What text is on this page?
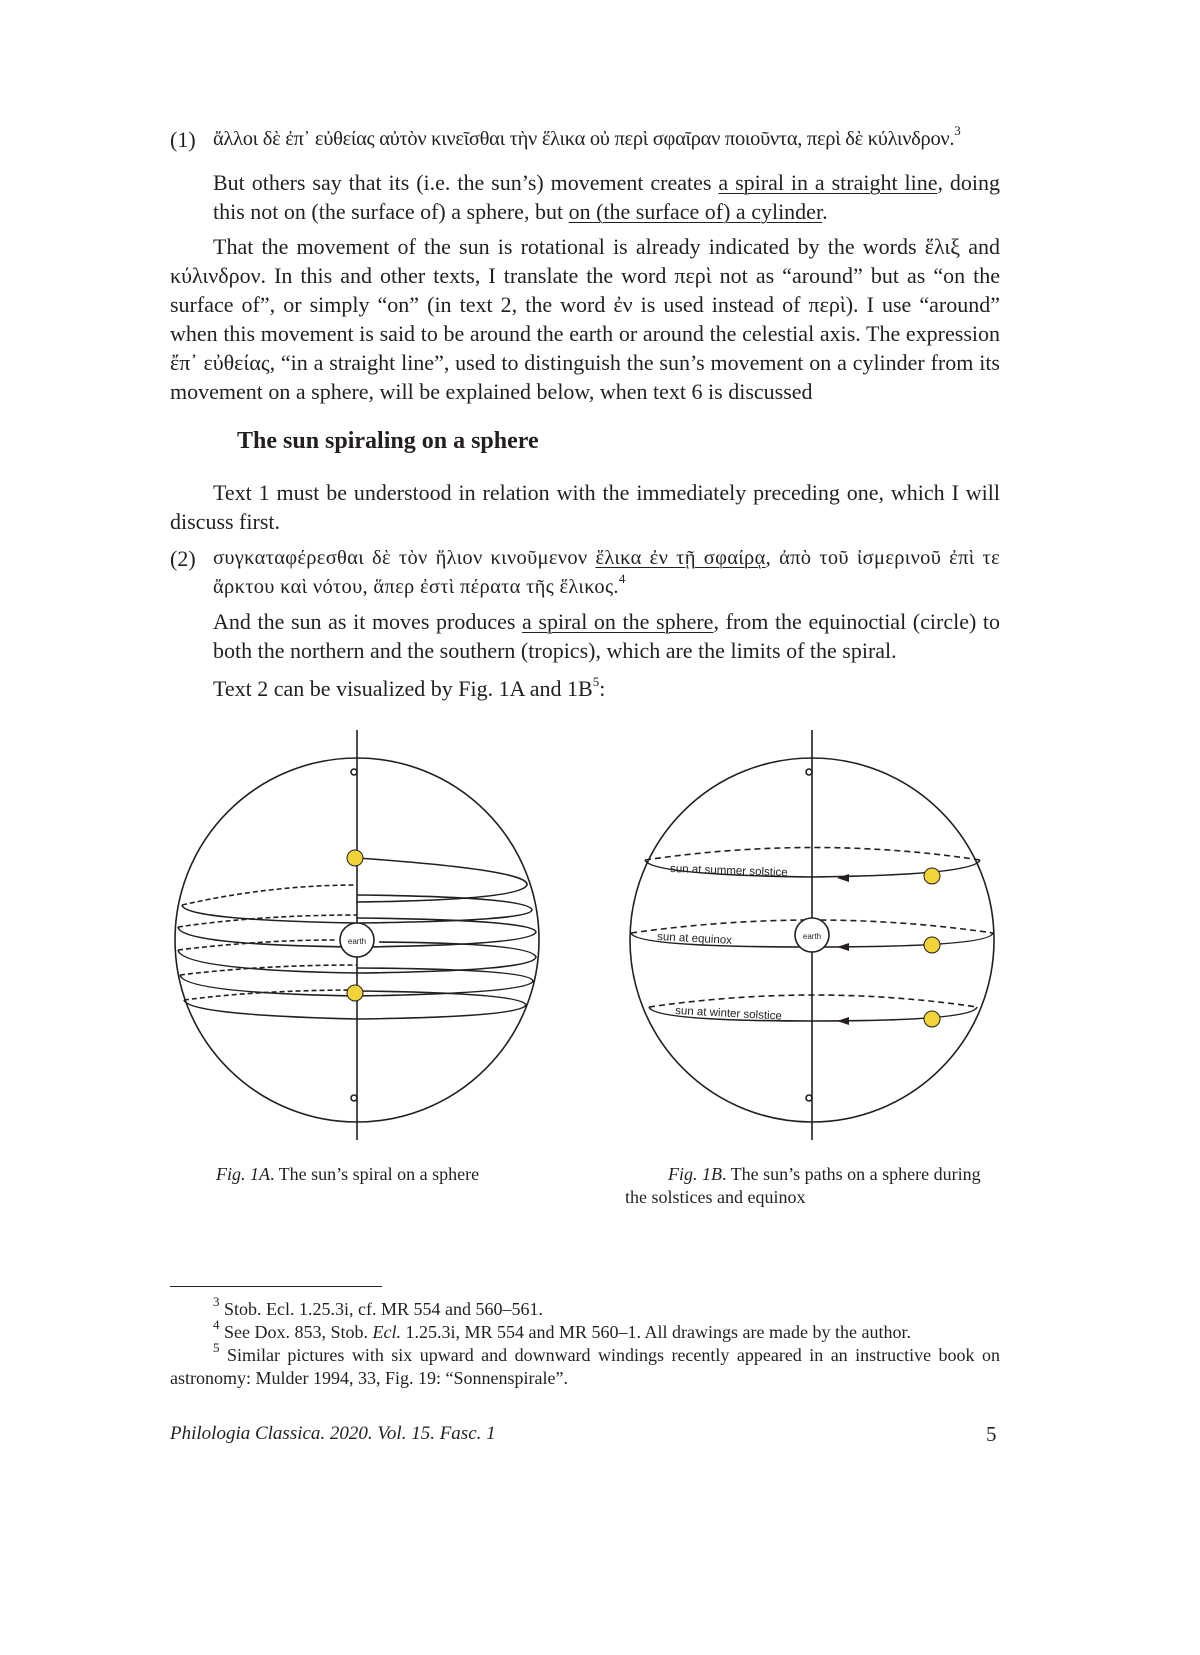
(1) ἄλλοι δὲ ἐπ᾽ εὐθείας αὐτὸν κινεῖσθαι τὴν ἕλικα οὐ περὶ σφαῖραν ποιοῦντα, περὶ δὲ κύλινδρον.$^3$
But others say that its (i.e. the sun’s) movement creates a spiral in a straight line, doing this not on (the surface of) a sphere, but on (the surface of) a cylinder.
That the movement of the sun is rotational is already indicated by the words ἕλιξ and κύλινδρον. In this and other texts, I translate the word περὶ not as “around” but as “on the surface of”, or simply “on” (in text 2, the word ἐν is used instead of περὶ). I use “around” when this movement is said to be around the earth or around the celestial axis. The expression ἔπ᾽ εὐθείας, “in a straight line”, used to distinguish the sun’s movement on a cylinder from its movement on a sphere, will be explained below, when text 6 is discussed
The sun spiraling on a sphere
Text 1 must be understood in relation with the immediately preceding one, which I will discuss first.
(2) συγκαταφέρεσθαι δὲ τὸν ἥλιον κινοῦμενον ἕλικα ἐν τῇ σφαίρᾳ, ἀπὸ τοῦ ἰσμερινοῦ ἐπὶ τε ἄρκτου καὶ νότου, ἅπερ ἐστὶ πέρατα τῆς ἕλικος.$^4$
And the sun as it moves produces a spiral on the sphere, from the equinoctial (circle) to both the northern and the southern (tropics), which are the limits of the spiral.
Text 2 can be visualized by Fig. 1A and $1B^5$:
earth
sun at summer solstice
sun at equinox
sun at winter solstice
earth
Fig. 1A. The sun’s spiral on a sphere	Fig. 1B. The sun’s paths on a sphere during the solstices and equinox
$^3$ Stob. Ecl. 1.25.3i, cf. MR 554 and 560–561.
$^4$ See Dox. 853, Stob. Ecl. 1.25.3i, MR 554 and MR 560–1. All drawings are made by the author.
$^5$ Similar pictures with six upward and downward windings recently appeared in an instructive book on astronomy: Mulder 1994, 33, Fig. 19: “Sonnenspirale”.
Philologia Classica. 2020. Vol. 15. Fasc. 1	5
